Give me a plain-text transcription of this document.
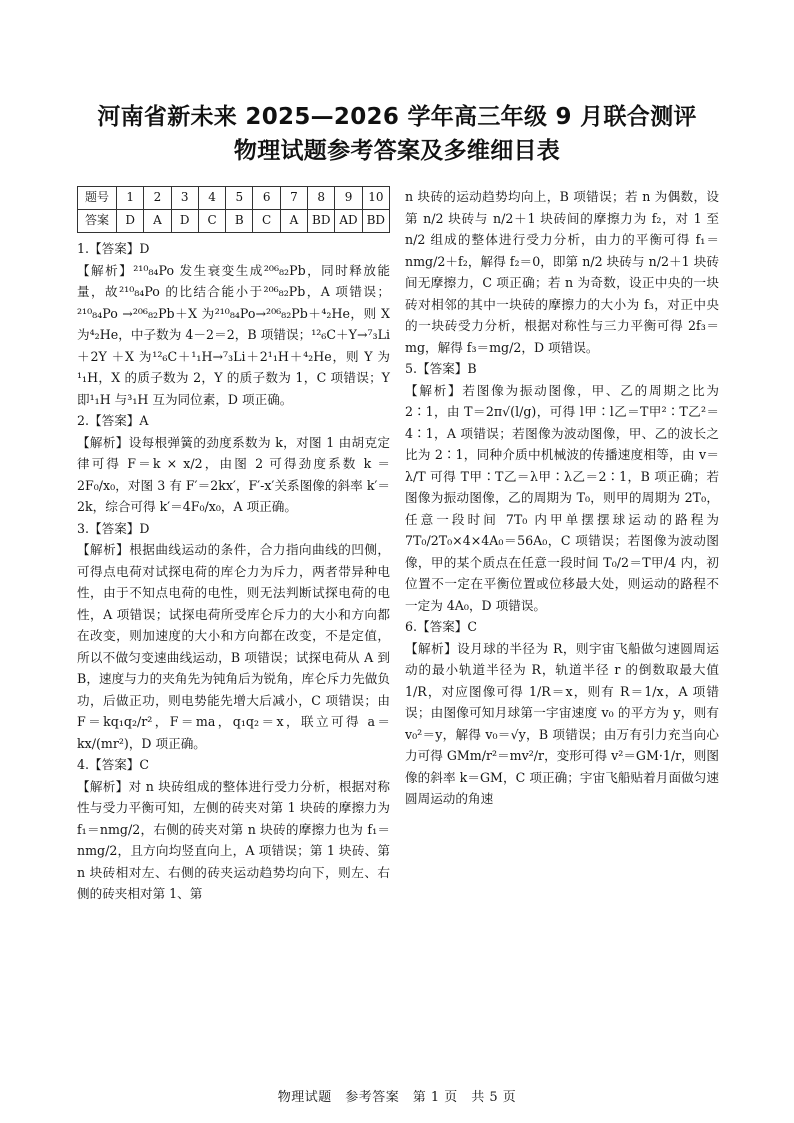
河南省新未来 2025—2026 学年高三年级 9 月联合测评
物理试题参考答案及多维细目表
题号	1	2	3	4	5	6	7	8	9	10
答案	D	A	D	C	B	C	A	BD	AD	BD

1.【答案】D

【解析】²¹⁰₈₄Po 发生衰变生成²⁰⁶₈₂Pb，同时释放能量，故²¹⁰₈₄Po 的比结合能小于²⁰⁶₈₂Pb，A 项错误；²¹⁰₈₄Po →²⁰⁶₈₂Pb＋X 为²¹⁰₈₄Po→²⁰⁶₈₂Pb＋⁴₂He，则 X 为⁴₂He，中子数为 4－2＝2，B 项错误；¹²₆C＋Y→⁷₃Li＋2Y ＋X 为¹²₆C＋¹₁H→⁷₃Li＋2¹₁H＋⁴₂He，则 Y 为¹₁H，X 的质子数为 2，Y 的质子数为 1，C 项错误；Y 即¹₁H 与³₁H 互为同位素，D 项正确。

2.【答案】A

【解析】设每根弹簧的劲度系数为 k，对图 1 由胡克定律可得 F＝k × x/2，由图 2 可得劲度系数 k ＝2F₀/x₀，对图 3 有 F′＝2kx′，F′-x′关系图像的斜率 k′＝2k，综合可得 k′＝4F₀/x₀，A 项正确。

3.【答案】D

【解析】根据曲线运动的条件，合力指向曲线的凹侧，可得点电荷对试探电荷的库仑力为斥力，两者带异种电性，由于不知点电荷的电性，则无法判断试探电荷的电性，A 项错误；试探电荷所受库仑斥力的大小和方向都在改变，则加速度的大小和方向都在改变，不是定值，所以不做匀变速曲线运动，B 项错误；试探电荷从 A 到 B，速度与力的夹角先为钝角后为锐角，库仑斥力先做负功，后做正功，则电势能先增大后减小，C 项错误；由 F＝kq₁q₂/r²，F＝ma，q₁q₂＝x，联立可得 a＝kx/(mr²)，D 项正确。

4.【答案】C

【解析】对 n 块砖组成的整体进行受力分析，根据对称性与受力平衡可知，左侧的砖夹对第 1 块砖的摩擦力为 f₁＝nmg/2，右侧的砖夹对第 n 块砖的摩擦力也为 f₁＝nmg/2，且方向均竖直向上，A 项错误；第 1 块砖、第 n 块砖相对左、右侧的砖夹运动趋势均向下，则左、右侧的砖夹相对第 1、第

n 块砖的运动趋势均向上，B 项错误；若 n 为偶数，设第 n/2 块砖与 n/2＋1 块砖间的摩擦力为 f₂，对 1 至 n/2 组成的整体进行受力分析，由力的平衡可得 f₁＝nmg/2＋f₂，解得 f₂＝0，即第 n/2 块砖与 n/2＋1 块砖间无摩擦力，C 项正确；若 n 为奇数，设正中央的一块砖对相邻的其中一块砖的摩擦力的大小为 f₃，对正中央的一块砖受力分析，根据对称性与三力平衡可得 2f₃＝mg，解得 f₃＝mg/2，D 项错误。

5.【答案】B

【解析】若图像为振动图像，甲、乙的周期之比为 2∶1，由 T＝2π√(l/g)，可得 l甲∶l乙＝T甲²∶T乙²＝4∶1，A 项错误；若图像为波动图像，甲、乙的波长之比为 2∶1，同种介质中机械波的传播速度相等，由 v＝λ/T 可得 T甲∶T乙＝λ甲∶λ乙＝2∶1，B 项正确；若图像为振动图像，乙的周期为 T₀，则甲的周期为 2T₀，任意一段时间 7T₀ 内甲单摆摆球运动的路程为 7T₀/2T₀×4×4A₀＝56A₀，C 项错误；若图像为波动图像，甲的某个质点在任意一段时间 T₀/2＝T甲/4 内，初位置不一定在平衡位置或位移最大处，则运动的路程不一定为 4A₀，D 项错误。

6.【答案】C

【解析】设月球的半径为 R，则宇宙飞船做匀速圆周运动的最小轨道半径为 R，轨道半径 r 的倒数取最大值 1/R，对应图像可得 1/R＝x，则有 R＝1/x，A 项错误；由图像可知月球第一宇宙速度 v₀ 的平方为 y，则有 v₀²＝y，解得 v₀＝√y，B 项错误；由万有引力充当向心力可得 GMm/r²＝mv²/r，变形可得 v²＝GM·1/r，则图像的斜率 k＝GM，C 项正确；宇宙飞船贴着月面做匀速圆周运动的角速

物理试题　参考答案　第 1 页　共 5 页
